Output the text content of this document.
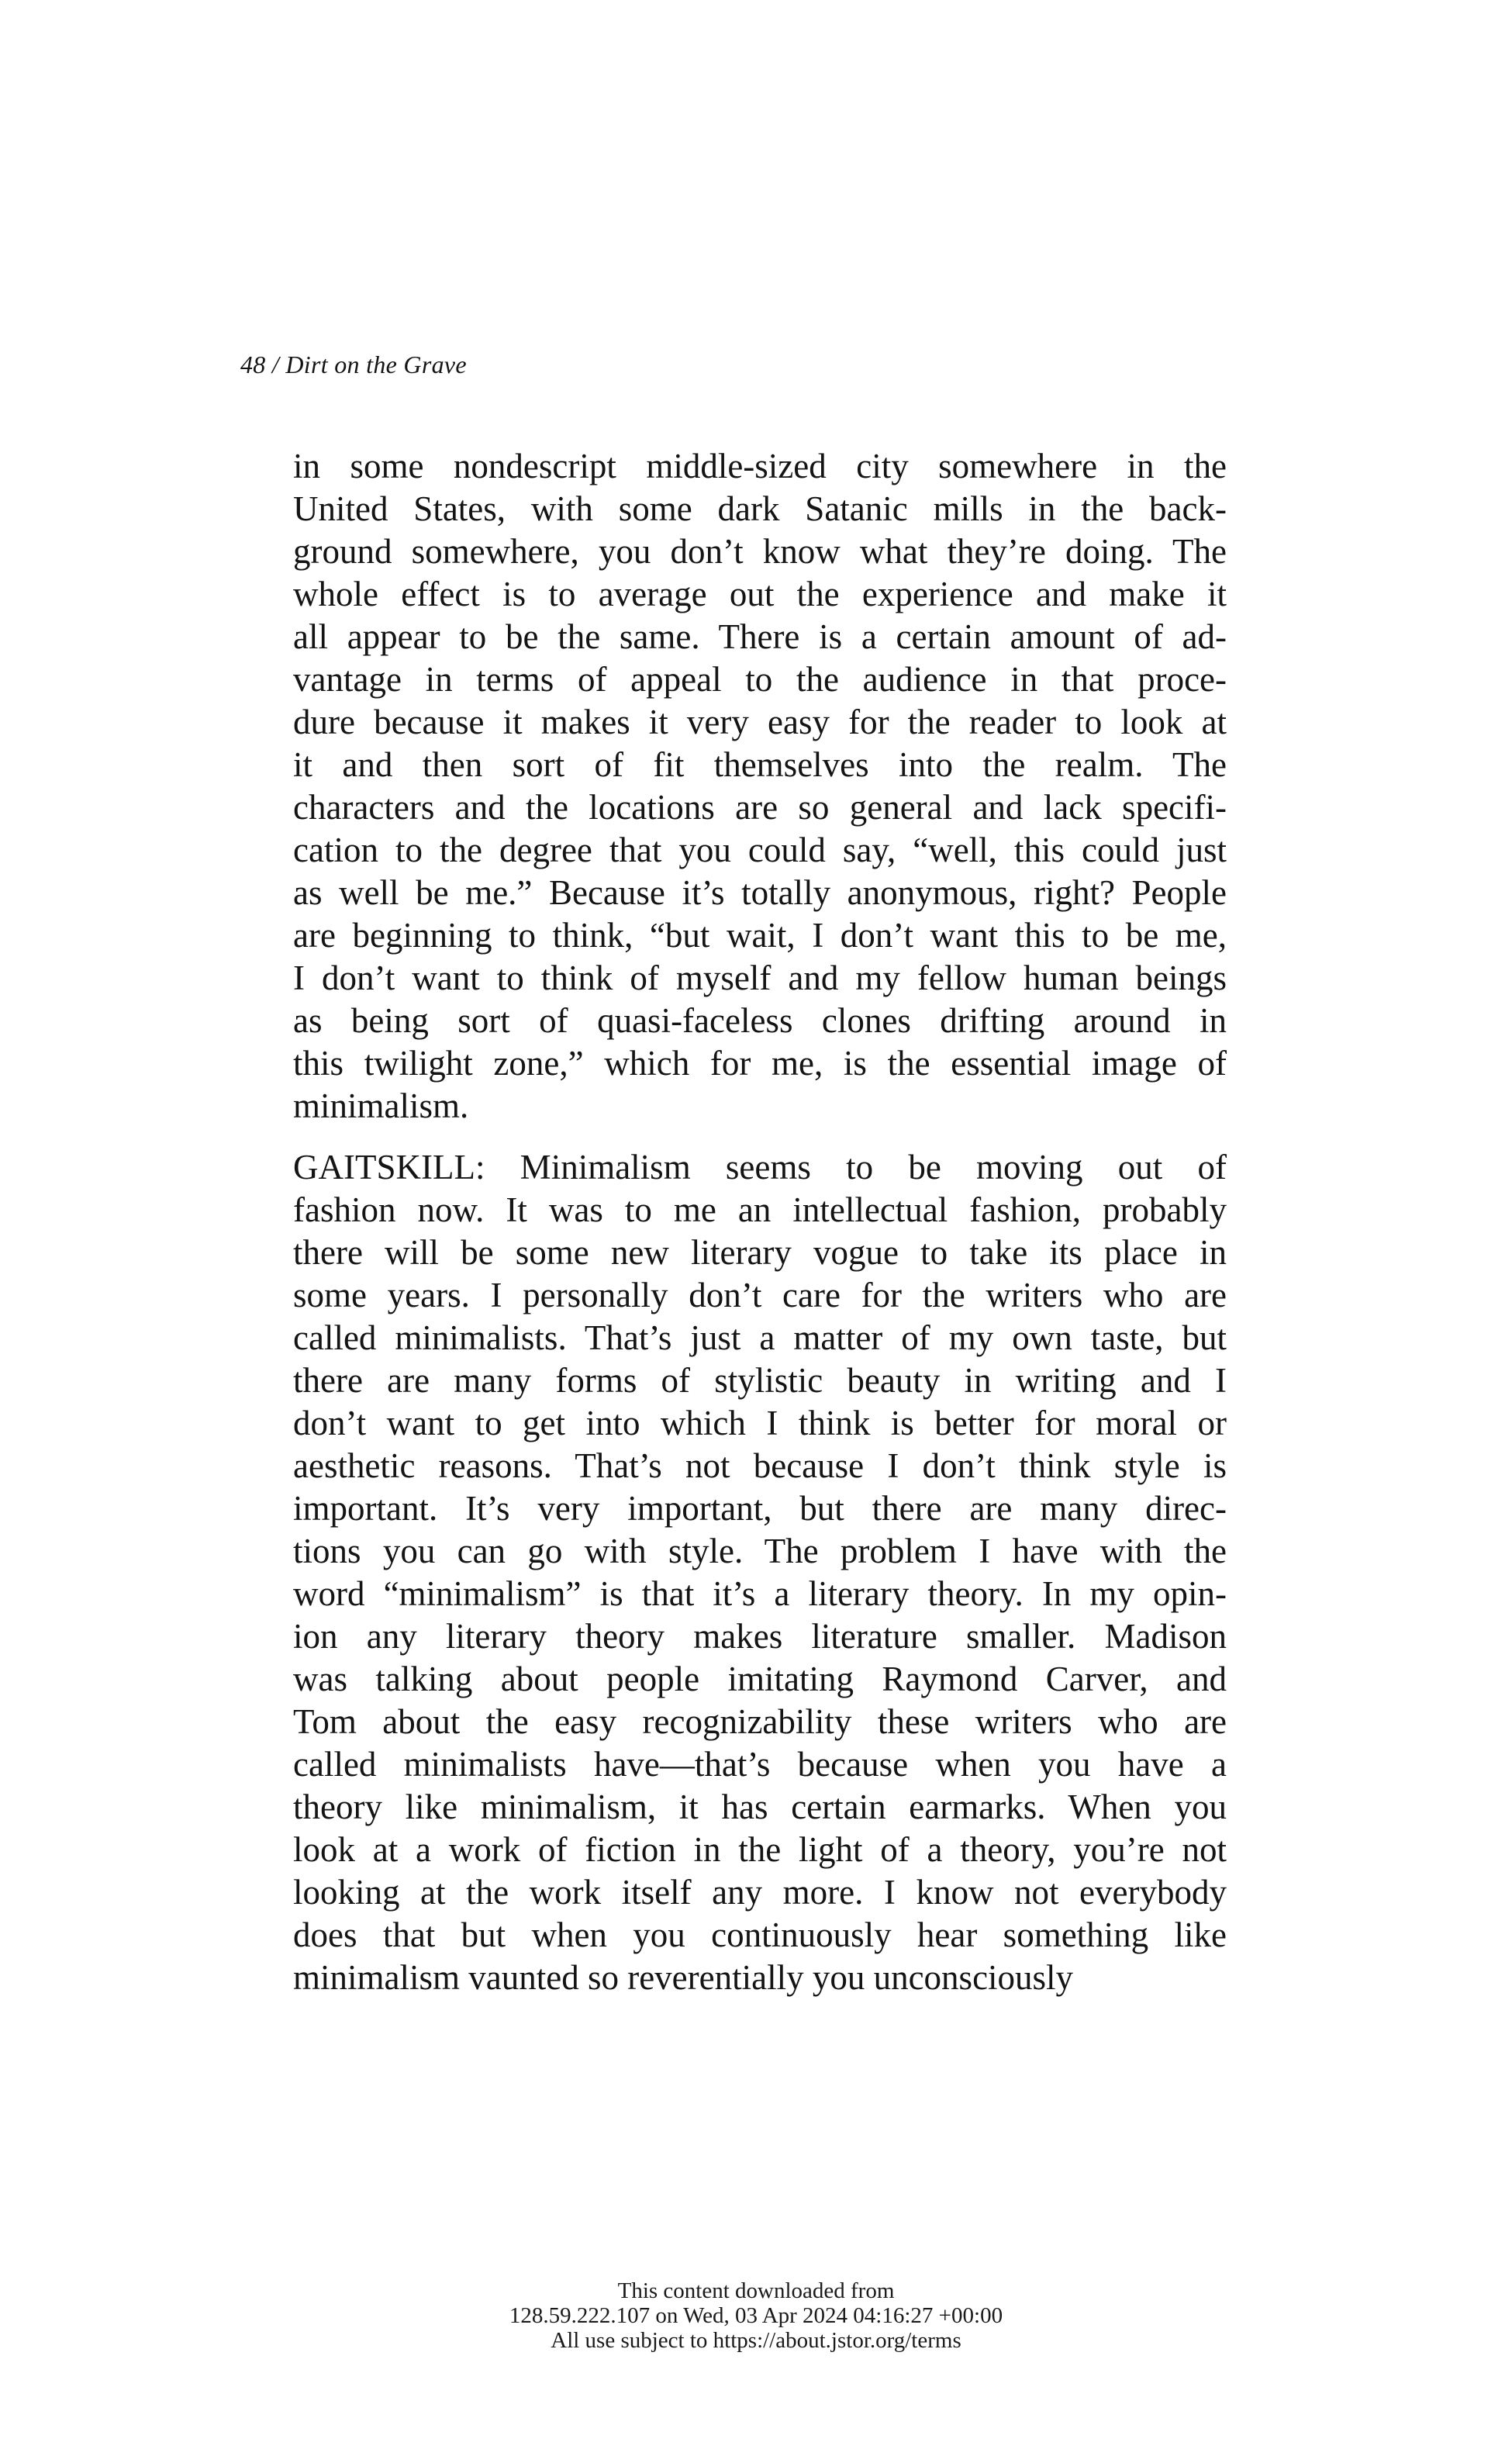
48 / Dirt on the Grave
in some nondescript middle-sized city somewhere in the
United States, with some dark Satanic mills in the back-
ground somewhere, you don’t know what they’re doing. The
whole effect is to average out the experience and make it
all appear to be the same. There is a certain amount of ad-
vantage in terms of appeal to the audience in that proce-
dure because it makes it very easy for the reader to look at
it and then sort of fit themselves into the realm. The
characters and the locations are so general and lack specifi-
cation to the degree that you could say, “well, this could just
as well be me.” Because it’s totally anonymous, right? People
are beginning to think, “but wait, I don’t want this to be me,
I don’t want to think of myself and my fellow human beings
as being sort of quasi-faceless clones drifting around in
this twilight zone,” which for me, is the essential image of
minimalism.
GAITSKILL: Minimalism seems to be moving out of
fashion now. It was to me an intellectual fashion, probably
there will be some new literary vogue to take its place in
some years. I personally don’t care for the writers who are
called minimalists. That’s just a matter of my own taste, but
there are many forms of stylistic beauty in writing and I
don’t want to get into which I think is better for moral or
aesthetic reasons. That’s not because I don’t think style is
important. It’s very important, but there are many direc-
tions you can go with style. The problem I have with the
word “minimalism” is that it’s a literary theory. In my opin-
ion any literary theory makes literature smaller. Madison
was talking about people imitating Raymond Carver, and
Tom about the easy recognizability these writers who are
called minimalists have—that’s because when you have a
theory like minimalism, it has certain earmarks. When you
look at a work of fiction in the light of a theory, you’re not
looking at the work itself any more. I know not everybody
does that but when you continuously hear something like
minimalism vaunted so reverentially you unconsciously
This content downloaded from
128.59.222.107 on Wed, 03 Apr 2024 04:16:27 +00:00
All use subject to https://about.jstor.org/terms
